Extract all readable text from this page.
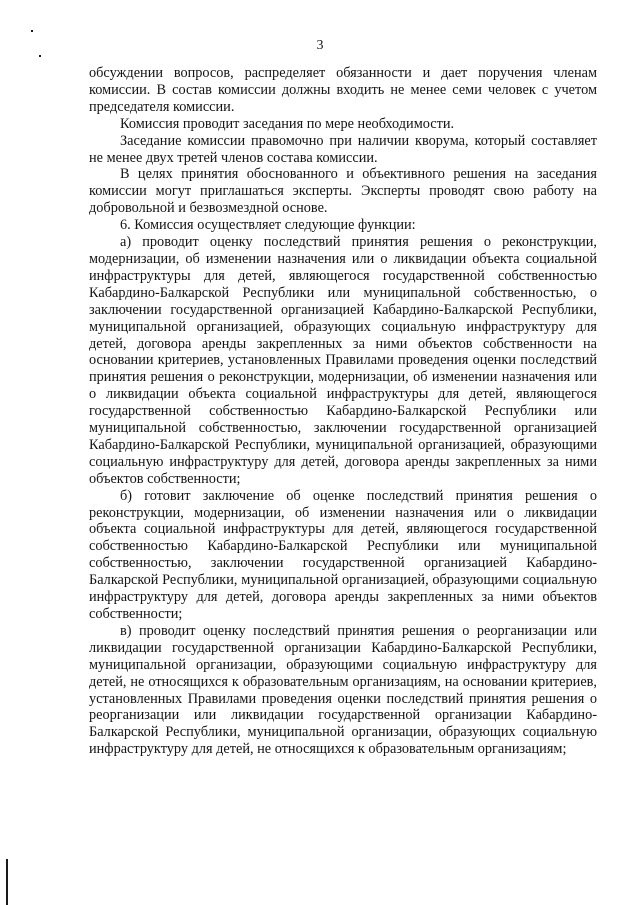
3

обсуждении вопросов, распределяет обязанности и дает поручения членам комиссии. В состав комиссии должны входить не менее семи человек с учетом председателя комиссии.

Комиссия проводит заседания по мере необходимости.

Заседание комиссии правомочно при наличии кворума, который составляет не менее двух третей членов состава комиссии.

В целях принятия обоснованного и объективного решения на заседания комиссии могут приглашаться эксперты. Эксперты проводят свою работу на добровольной и безвозмездной основе.

6. Комиссия осуществляет следующие функции:

а) проводит оценку последствий принятия решения о реконструкции, модернизации, об изменении назначения или о ликвидации объекта социальной инфраструктуры для детей, являющегося государственной собственностью Кабардино-Балкарской Республики или муниципальной собственностью, о заключении государственной организацией Кабардино-Балкарской Республики, муниципальной организацией, образующих социальную инфраструктуру для детей, договора аренды закрепленных за ними объектов собственности на основании критериев, установленных Правилами проведения оценки последствий принятия решения о реконструкции, модернизации, об изменении назначения или о ликвидации объекта социальной инфраструктуры для детей, являющегося государственной собственностью Кабардино-Балкарской Республики или муниципальной собственностью, заключении государственной организацией Кабардино-Балкарской Республики, муниципальной организацией, образующими социальную инфраструктуру для детей, договора аренды закрепленных за ними объектов собственности;

б) готовит заключение об оценке последствий принятия решения о реконструкции, модернизации, об изменении назначения или о ликвидации объекта социальной инфраструктуры для детей, являющегося государственной собственностью Кабардино-Балкарской Республики или муниципальной собственностью, заключении государственной организацией Кабардино-Балкарской Республики, муниципальной организацией, образующими социальную инфраструктуру для детей, договора аренды закрепленных за ними объектов собственности;

в) проводит оценку последствий принятия решения о реорганизации или ликвидации государственной организации Кабардино-Балкарской Республики, муниципальной организации, образующими социальную инфраструктуру для детей, не относящихся к образовательным организациям, на основании критериев, установленных Правилами проведения оценки последствий принятия решения о реорганизации или ликвидации государственной организации Кабардино-Балкарской Республики, муниципальной организации, образующих социальную инфраструктуру для детей, не относящихся к образовательным организациям;
